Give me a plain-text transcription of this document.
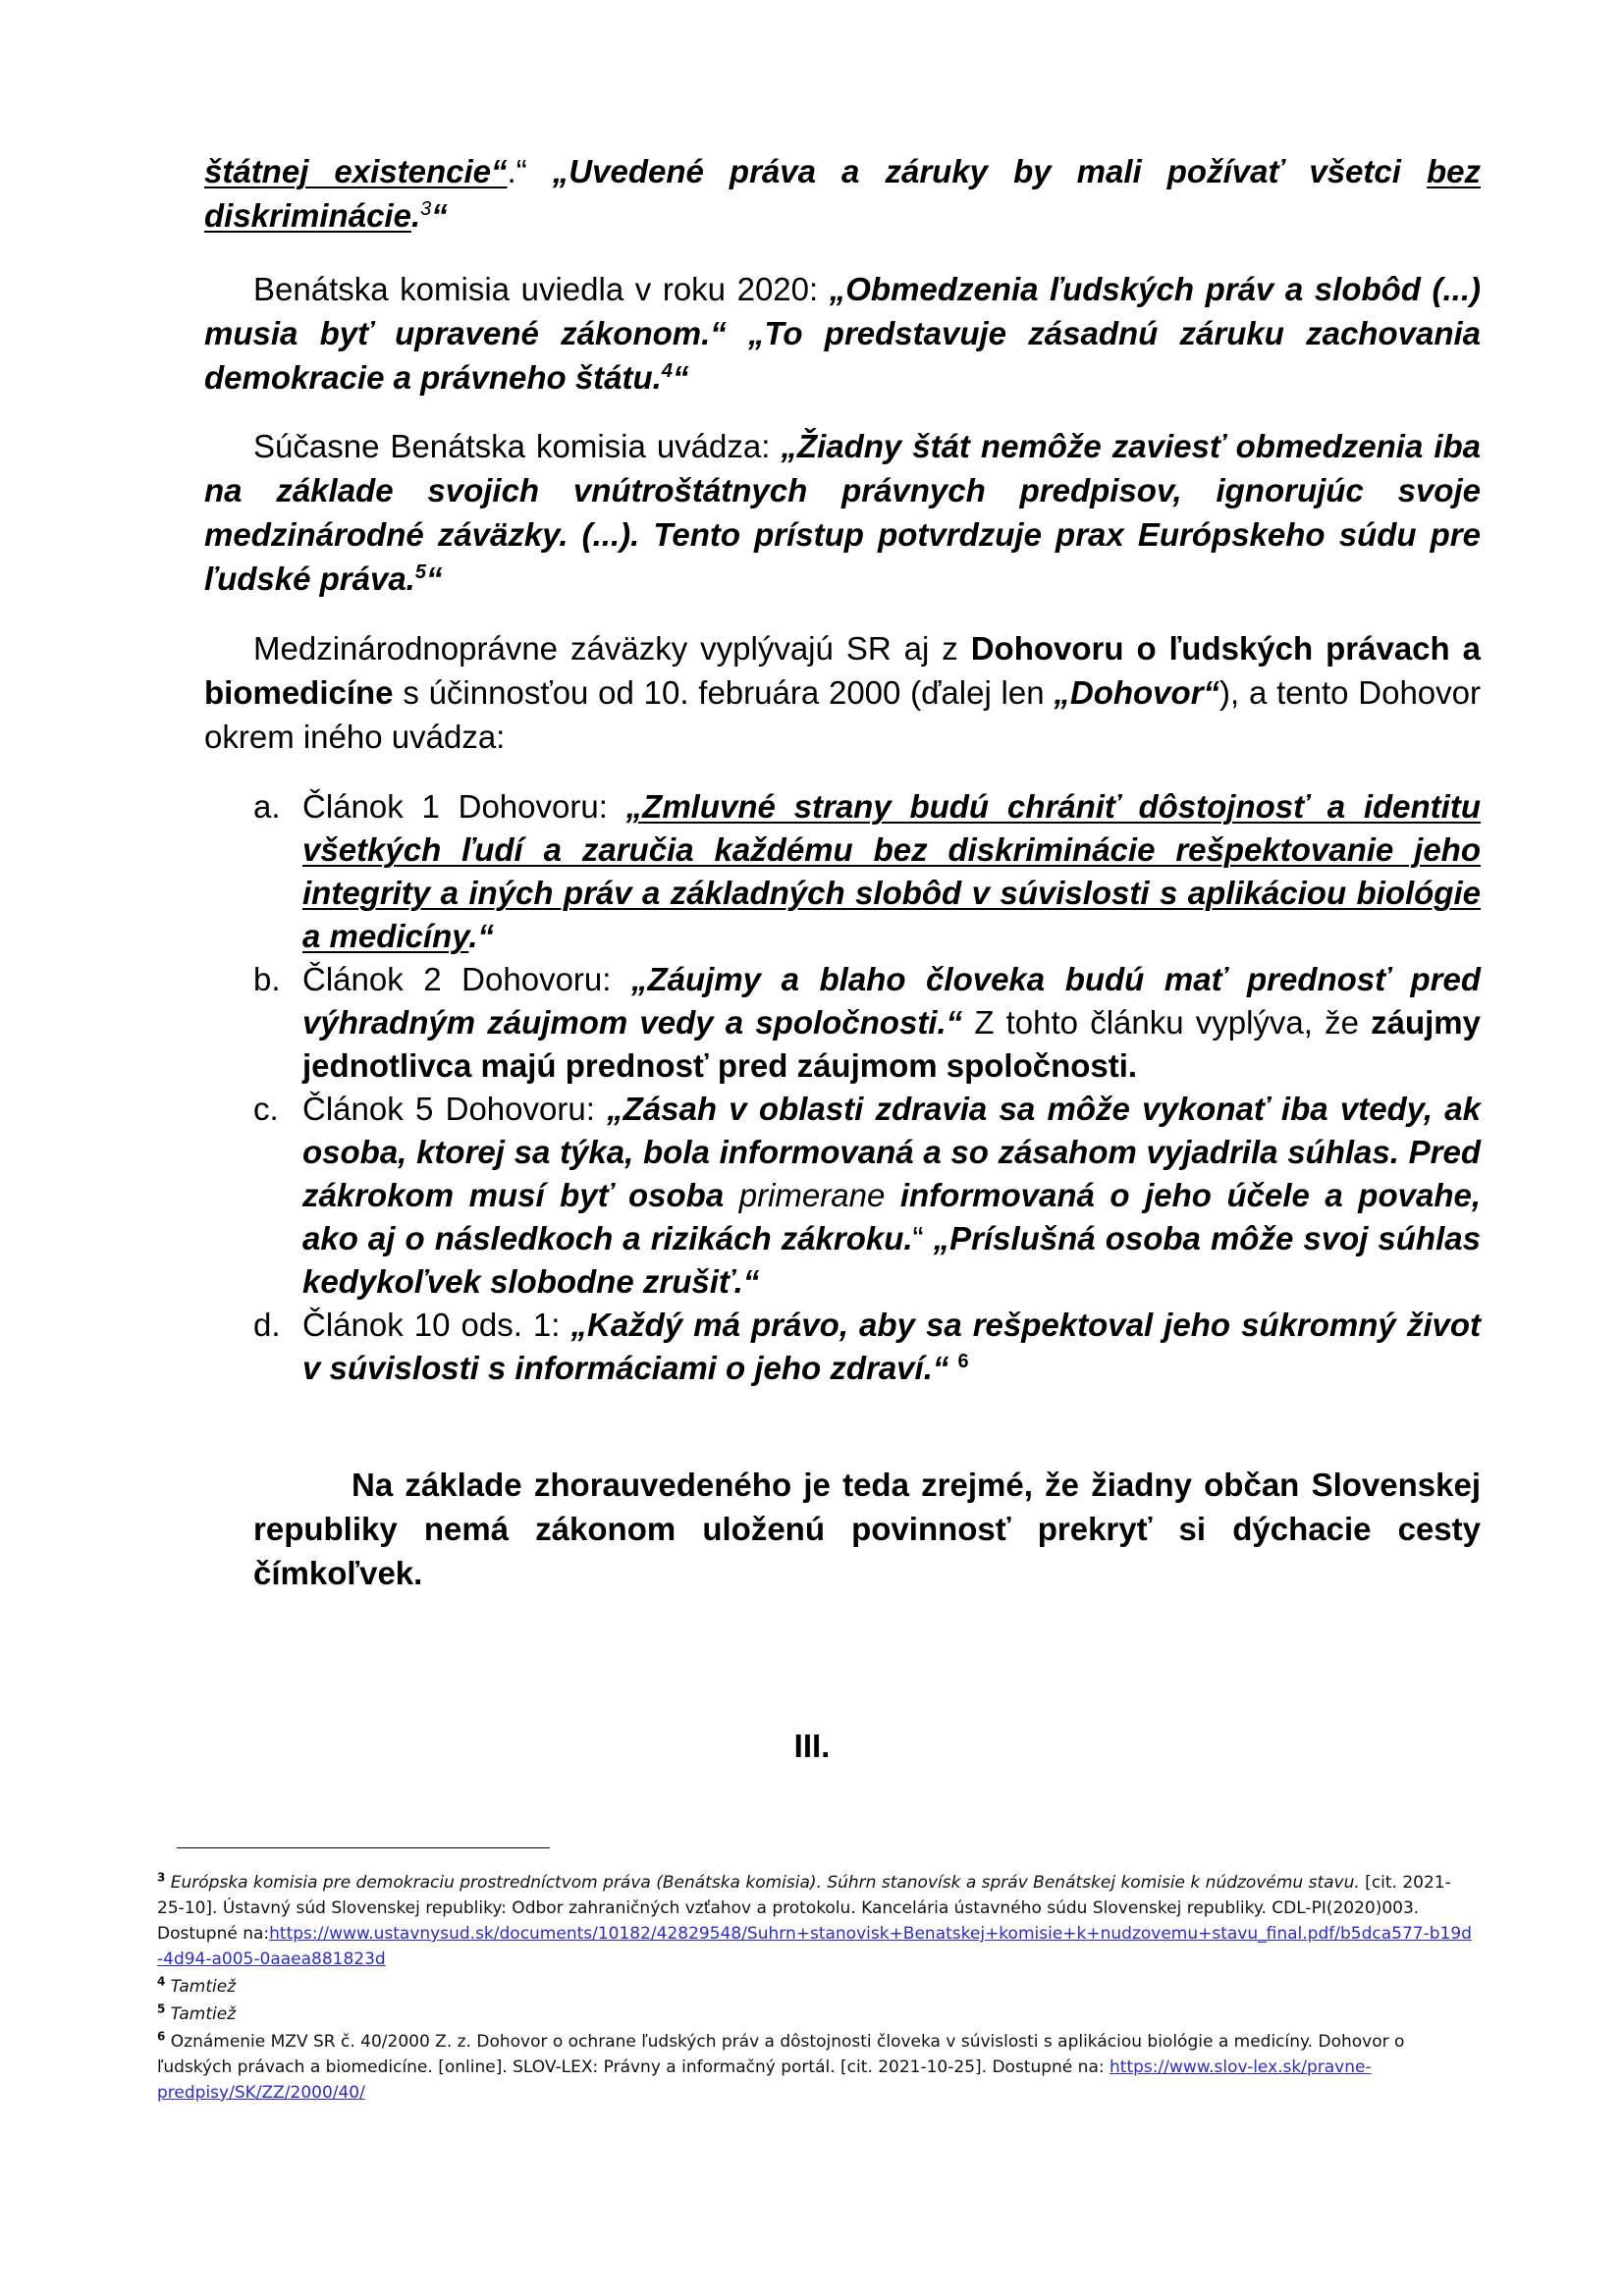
štátnej existencie“.“ „Uvedené práva a záruky by mali požívať všetci bez diskriminácie.$^3$“

Benátska komisia uviedla v roku 2020: „Obmedzenia ľudských práv a slobôd (...) musia byť upravené zákonom.“ „To predstavuje zásadnú záruku zachovania demokracie a právneho štátu.$^4$“

Súčasne Benátska komisia uvádza: „Žiadny štát nemôže zaviesť obmedzenia iba na základe svojich vnútroštátnych právnych predpisov, ignorujúc svoje medzinárodné záväzky. (...). Tento prístup potvrdzuje prax Európskeho súdu pre ľudské práva.$^5$“

Medzinárodnoprávne záväzky vyplývajú SR aj z Dohovoru o ľudských právach a biomedicíne s účinnosťou od 10. februára 2000 (ďalej len „Dohovor“), a tento Dohovor okrem iného uvádza:

a. Článok 1 Dohovoru: „Zmluvné strany budú chrániť dôstojnosť a identitu všetkých ľudí a zaručia každému bez diskriminácie rešpektovanie jeho integrity a iných práv a základných slobôd v súvislosti s aplikáciou biológie a medicíny.“

b. Článok 2 Dohovoru: „Záujmy a blaho človeka budú mať prednosť pred výhradným záujmom vedy a spoločnosti.“ Z tohto článku vyplýva, že záujmy jednotlivca majú prednosť pred záujmom spoločnosti.

c. Článok 5 Dohovoru: „Zásah v oblasti zdravia sa môže vykonať iba vtedy, ak osoba, ktorej sa týka, bola informovaná a so zásahom vyjadrila súhlas. Pred zákrokom musí byť osoba primerane informovaná o jeho účele a povahe, ako aj o následkoch a rizikách zákroku.“ „Príslušná osoba môže svoj súhlas kedykoľvek slobodne zrušiť.“

d. Článok 10 ods. 1: „Každý má právo, aby sa rešpektoval jeho súkromný život v súvislosti s informáciami o jeho zdraví.“ $^6$

Na základe zhorauvedeného je teda zrejmé, že žiadny občan Slovenskej republiky nemá zákonom uloženú povinnosť prekryť si dýchacie cesty čímkoľvek.

III.

$^3$ Európska komisia pre demokraciu prostredníctvom práva (Benátska komisia). Súhrn stanovísk a správ Benátskej komisie k núdzovému stavu. [cit. 2021-25-10]. Ústavný súd Slovenskej republiky: Odbor zahraničných vzťahov a protokolu. Kancelária ústavného súdu Slovenskej republiky. CDL-PI(2020)003. Dostupné na:https://www.ustavnysud.sk/documents/10182/42829548/Suhrn+stanovisk+Benatskej+komisie+k+nudzovemu+stavu_final.pdf/b5dca577-b19d-4d94-a005-0aaea881823d

$^4$ Tamtiež

$^5$ Tamtiež

$^6$ Oznámenie MZV SR č. 40/2000 Z. z. Dohovor o ochrane ľudských práv a dôstojnosti človeka v súvislosti s aplikáciou biológie a medicíny. Dohovor o ľudských právach a biomedicíne. [online]. SLOV-LEX: Právny a informačný portál. [cit. 2021-10-25]. Dostupné na: https://www.slov-lex.sk/pravne-predpisy/SK/ZZ/2000/40/
